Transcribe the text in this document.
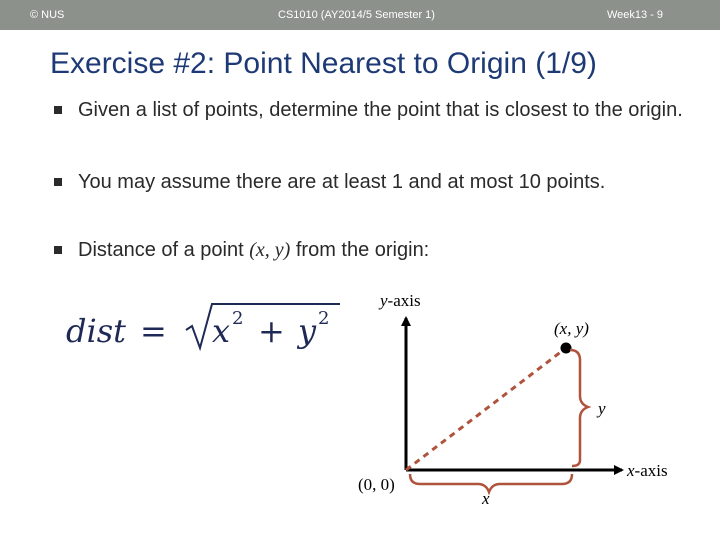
© NUS	CS1010 (AY2014/5 Semester 1)	Week13 - 9
Exercise #2: Point Nearest to Origin (1/9)
Given a list of points, determine the point that is closest to the origin.
You may assume there are at least 1 and at most 10 points.
Distance of a point (x, y) from the origin:
dist = x 2 + y 2
y-axis
x-axis
(0, 0)
(x, y)
x
y
